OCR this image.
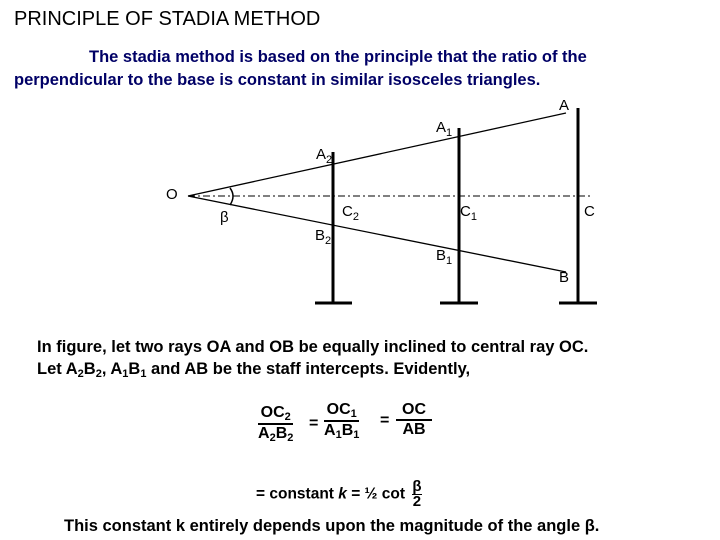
PRINCIPLE OF STADIA METHOD
The stadia method is based on the principle that the ratio of the
perpendicular to the base is constant in similar isosceles triangles.
O
β
A
$A_1$
$A_2$
$C_2$	$C_1$	C
$B_2$
$B_1$
B
In figure, let two rays OA and OB be equally inclined to central ray OC.
Let $A_2B_2$, $A_1B_1$ and AB be the staff intercepts. Evidently,
$\frac{OC_2}{A_2B_2} = \frac{OC_1}{A_1B_1} = \frac{OC}{AB}$
= constant k = ½ $\cot \frac{\beta}{2}$
This constant k entirely depends upon the magnitude of the angle β.
